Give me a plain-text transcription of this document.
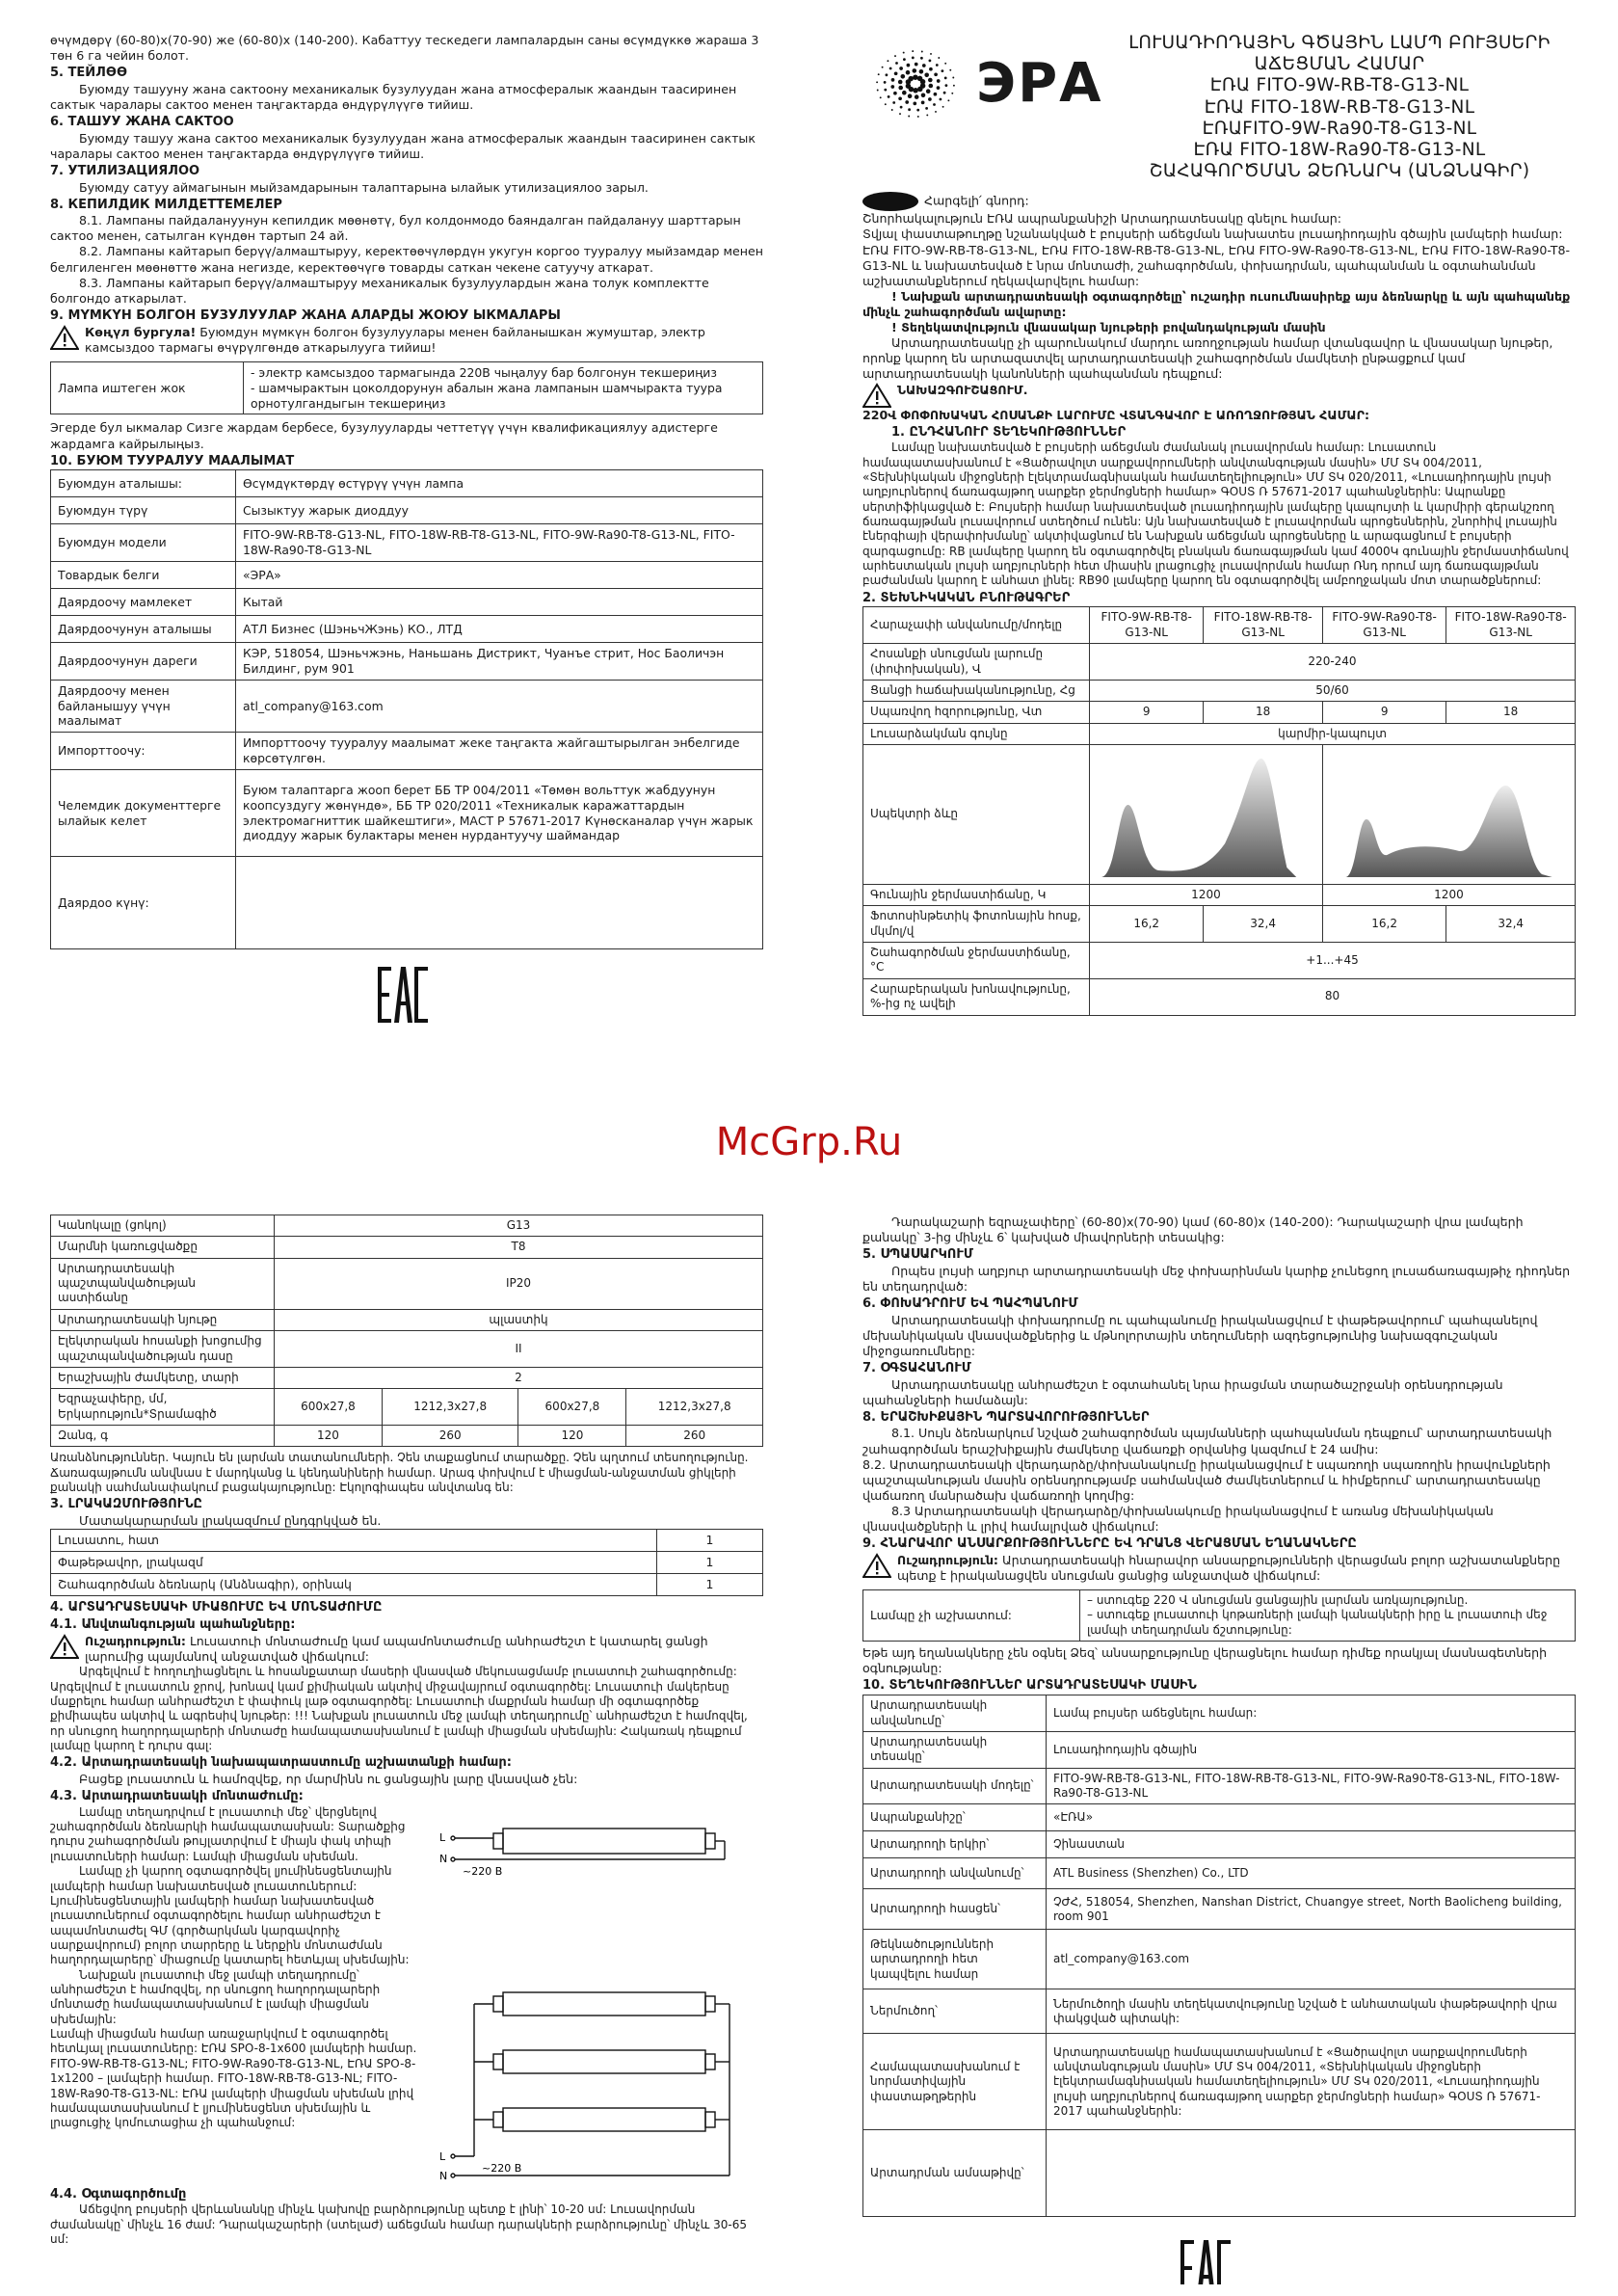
өчүмдөрү (60-80)х(70-90) же (60-80)х (140-200). Кабаттуу тескедеги лампалардын саны өсүмдүккө жараша 3 төн 6 га чейин болот.

5. ТЕЙЛӨӨ

Буюмду ташууну жана сактоону механикалык бузулуудан жана атмосфералык жаандын таасиринен сактык чаралары сактоо менен таңгактарда өндүрүлүүгө тийиш.

6. ТАШУУ ЖАНА САКТОО

Буюмду ташуу жана сактоо механикалык бузулуудан жана атмосфералык жаандын таасиринен сактык чаралары сактоо менен таңгактарда өндүрүлүүгө тийиш.

7. УТИЛИЗАЦИЯЛОО

Буюмду сатуу аймагынын мыйзамдарынын талаптарына ылайык утилизациялоо зарыл.

8. КЕПИЛДИК МИЛДЕТТЕМЕЛЕР

8.1. Лампаны пайдалануунун кепилдик мөөнөтү, бул колдонмодо баяндалган пайдалануу шарттарын сактоо менен, сатылган күндөн тартып 24 ай.

8.2. Лампаны кайтарып берүү/алмаштыруу, керектөөчүлөрдүн укугун коргоо тууралуу мыйзамдар менен белгиленген мөөнөттө жана негизде, керектөөчүгө товарды саткан чекене сатуучу аткарат.

8.3. Лампаны кайтарып берүү/алмаштыруу механикалык бузулуулардын жана толук комплектте болгондо аткарылат.

9. МҮМКҮН БОЛГОН БУЗУЛУУЛАР ЖАНА АЛАРДЫ ЖОЮУ ЫКМАЛАРЫ

Көңүл бургула! Буюмдун мүмкүн болгон бузулуулары менен байланышкан жумуштар, электр камсыздоо тармагы өчүрүлгөндө аткарылууга тийиш!

Лампа иштеген жок	
- электр камсыздоо тармагында 220В чыңалуу бар болгонун текшериңиз
- шамчырактын цоколдорунун абалын жана лампанын шамчыракта туура орнотулгандыгын текшериңиз

Эгерде бул ыкмалар Сизге жардам бербесе, бузулууларды четтетүү үчүн квалификациялуу адистерге жардамга кайрылыңыз.

10. БУЮМ ТУУРАЛУУ МААЛЫМАТ
Буюмдун аталышы:	Өсүмдүктөрдү өстүрүү үчүн лампа
Буюмдун түрү	Сызыктуу жарык диоддуу
Буюмдун модели	FITO-9W-RB-T8-G13-NL, FITO-18W-RB-T8-G13-NL, FITO-9W-Ra90-T8-G13-NL, FITO-18W-Ra90-T8-G13-NL
Товардык белги	«ЭРА»
Даярдоочу мамлекет	Кытай
Даярдоочунун аталышы	АТЛ Бизнес (ШэньчЖэнь) КО., ЛТД
Даярдоочунун дареги	КЭР, 518054, Шэньчжэнь, Наньшань Дистрикт, Чуанъе стрит, Нос Баоличэн Билдинг, рум 901
Даярдоочу менен байланышуу үчүн маалымат	atl_company@163.com
Импорттоочу:	Импорттоочу тууралуу маалымат жеке таңгакта жайгаштырылган энбелгиде көрсөтүлгөн.
Челемдик документтерге ылайык келет	Буюм талаптарга жооп берет ББ ТР 004/2011 «Төмөн вольттук жабдуунун коопсуздугу жөнүндө», ББ ТР 020/2011 «Техникалык каражаттардын электромагниттик шайкештиги», МАСТ Р 57671-2017 Күнөсканалар үчүн жарык диоддуу жарык булактары менен нурдантуучу шаймандар
Даярдоо күнү:	
ЭРА
ԼՈՒՍԱԴԻՈԴԱՅԻՆ ԳԾԱՅԻՆ ԼԱՄՊ ԲՈՒՅՍԵՐԻ
ԱՃԵՑՄԱՆ ՀԱՄԱՐ
ԷՌԱ FITO-9W-RB-T8-G13-NL
ԷՌԱ FITO-18W-RB-T8-G13-NL
ԷՌԱFITO-9W-Ra90-T8-G13-NL
ԷՌԱ FITO-18W-Ra90-T8-G13-NL
ՇԱՀԱԳՈՐԾՄԱՆ ՁԵՌՆԱՐԿ (ԱՆՁՆԱԳԻՐ)

Հարգելի՛ գնորդ:

Շնորհակալություն ԷՌԱ ապրանքանիշի Արտադրատեսակը գնելու համար:

Տվյալ փաստաթուղթը նշանակված է բույսերի աճեցման նախատես լուսադիոդային գծային լամպերի համար: ԷՌԱ FITO-9W-RB-T8-G13-NL, ԷՌԱ FITO-18W-RB-T8-G13-NL, ԷՌԱ FITO-9W-Ra90-T8-G13-NL, ԷՌԱ FITO-18W-Ra90-T8-G13-NL և նախատեսված է նրա մոնտաժի, շահագործման, փոխադրման, պահպանման և օգտահանման աշխատանքներում ղեկավարվելու համար:

! Նախքան արտադրատեսակի օգտագործելը՝ ուշադիր ուսումնասիրեք այս ձեռնարկը և այն պահպանեք մինչև շահագործման ավարտը:

! Տեղեկատվություն վնասակար նյութերի բովանդակության մասին

Արտադրատեսակը չի պարունակում մարդու առողջության համար վտանգավոր և վնասակար նյութեր, որոնք կարող են արտազատվել արտադրատեսակի շահագործման մամկետի ընթացքում կամ արտադրատեսակի կանոնների պահպանման դեպքում:

ՆԱԽԱԶԳՈՒՇԱՑՈՒՄ.

220Վ ՓՈՓՈԽԱԿԱՆ ՀՈՍԱՆՔԻ ԼԱՐՈՒՄԸ ՎՏԱՆԳԱՎՈՐ Է ԱՌՈՂՋՈՒԹՅԱՆ ՀԱՄԱՐ:

1. ԸՆԴՀԱՆՈՒՐ ՏԵՂԵԿՈՒԹՅՈՒՆՆԵՐ

Լամպը նախատեսված է բույսերի աճեցման ժամանակ լուսավորման համար: Լուսատուն համապատասխանում է «Ցածրավոլտ սարքավորումների անվտանգության մասին» ՄՄ ՏԿ 004/2011, «Տեխնիկական միջոցների էլեկտրամագնիսական համատեղելիություն» ՄՄ ՏԿ 020/2011, «Լուսադիոդային լույսի աղբյուրներով ճառագայթող սարքեր ջերմոցների համար» ԳՕՍՏ Ռ 57671-2017 պահանջներին: Ապրանքը սերտիֆիկացված է: Բույսերի համար նախատեսված լուսադիոդային լամպերը կապույտի և կարմիրի գերակշռող ճառագայթման լուսավորում ստեղծում ունեն: Այն նախատեսված է լուսավորման պրոցեսներին, շնորհիվ լուսային էներգիայի վերափոխմանը՝ ակտիվացնում են Նախքան աճեցման պրոցեսները և արագացնում է բույսերի զարգացումը: RB լամպերը կարող են օգտագործվել բնական ճառագայթման կամ 4000Կ գունային ջերմաստիճանով արհեստական լույսի աղբյուրների հետ միասին լրացուցիչ լուսավորման համար Ռնդ որում այդ ճառագայթման բաժանման կարող է անհատ լինել: RB90 լամպերը կարող են օգտագործվել ամբողջական մոտ տարածքներում:

2. ՏԵԽՆԻԿԱԿԱՆ ԲՆՈՒԹԱԳՐԵՐ
Հարաչափի անվանումը/մոդելը	FITO-9W-RB-T8-G13-NL	FITO-18W-RB-T8-G13-NL	FITO-9W-Ra90-T8-G13-NL	FITO-18W-Ra90-T8-G13-NL
Հոսանքի սնուցման լարումը (փոփոխական), Վ	220-240			
Ցանցի հաճախականությունը, Հց	50/60			
Սպառվող հզորությունը, Վտ	9	18	9	18
Լուսարձակման գույնը	կարմիր-կապույտ			
Սպեկտրի ձևը	

Գունային ջերմաստիճանը, Կ	1200		1200	
Ֆոտոսինթետիկ ֆոտոնային հոսք, մկմոլ/վ	16,2	32,4	16,2	32,4
Շահագործման ջերմաստիճանը, °C	+1...+45			
Հարաբերական խոնավությունը, %-ից ոչ ավելի	80			
McGrp.Ru
Կանոկալը (ցոկոլ)	G13			
Մարմնի կառուցվածքը	T8			
Արտադրատեսակի պաշտպանվածության աստիճանը	IP20			
Արտադրատեսակի նյութը	պլաստիկ			
Էլեկտրական հոսանքի խոցումից պաշտպանվածության դասը	II			
Երաշխային ժամկետը, տարի	2			
Եզրաչափերը, մմ, Երկարություն*Տրամագիծ	600x27,8	1212,3x27,8	600x27,8	1212,3x27,8
Զանգ, գ	120	260	120	260

Առանձնություններ. Կայուն են լարման տատանումների. Չեն տաքացնում տարածքը. Չեն պղտում տեսողությունը. Ճառագայթումն անվնաս է մարդկանց և կենդանիների համար. Արագ փոխվում է միացման-անջատման ցիկլերի քանակի սահմանափակում բացակայությունը: Էկոլոգիապես անվտանգ են:

3. ԼՐԱԿԱԶՄՈՒԹՅՈՒՆԸ

Մատակարարման լրակազմում ընդգրկված են.

Լուսատու, հատ	1
Փաթեթավոր, լրակազմ	1
Շահագործման ձեռնարկ (Անձնագիր), օրինակ	1
4. ԱՐՏԱԴՐԱՏԵՍԱԿԻ ՄԻԱՑՈՒՄԸ ԵՎ ՄՈՆՏԱԺՈՒՄԸ
4.1. Անվտանգության պահանջները:

Ուշադրություն: Լուսատուի մոնտաժումը կամ ապամոնտաժումը անհրաժեշտ է կատարել ցանցի լարումից պայմանով անջատված վիճակում:

Արգելվում է հողուղիացնելու և հոսանքատար մասերի վնասված մեկուսացմամբ լուսատուի շահագործումը: Արգելվում է լուսատուն ջրով, խոնավ կամ քիմիական ակտիվ միջավայրում օգտագործել: Լուսատուի մակերեսը մաքրելու համար անհրաժեշտ է փափուկ լաթ օգտագործել: Լուսատուի մաքրման համար մի օգտագործեք քիմիապես ակտիվ և ագրեսիվ նյութեր: !!! Նախքան լուսատուն մեջ լամպի տեղադրումը՝ անհրաժեշտ է համոզվել, որ սնուցող հաղորդալարերի մոնտաժը համապատասխանում է լամպի միացման սխեմային: Հակառակ դեպքում լամպը կարող է դուրս գալ:

4.2. Արտադրատեսակի նախապատրաստումը աշխատանքի համար:

Բացեք լուսատուն և համոզվեք, որ մարմինն ու ցանցային լարը վնասված չեն:

4.3. Արտադրատեսակի մոնտաժումը:

Լամպը տեղադրվում է լուսատուի մեջ՝ վերցնելով շահագործման ձեռնարկի համապատասխան: Տարածքից դուրս շահագործման թույլատրվում է միայն փակ տիպի լուսատուների համար: Լամպի միացման սխեման.

Լամպը չի կարող օգտագործվել լյումինեսցենտային լամպերի համար նախատեսված լուսատուներում: Լյումինեսցենտային լամպերի համար նախատեսված լուսատուներում օգտագործելու համար անհրաժեշտ է ապամոնտաժել ԳՄ (գործարկման կարգավորիչ սարքավորում) բոլոր տարրերը և ներքին մոնտաժման հաղորդալարերը՝ միացումը կատարել հետևյալ սխեմային:

Նախքան լուսատուի մեջ լամպի տեղադրումը՝ անհրաժեշտ է համոզվել, որ սնուցող հաղորդալարերի մոնտաժը համապատասխանում է լամպի միացման սխեմային:

Լամպի միացման համար առաջարկվում է օգտագործել հետևյալ լուսատուները: ԷՌԱ SPO-8-1х600 լամպերի համար. FITO-9W-RB-T8-G13-NL; FITO-9W-Ra90-T8-G13-NL, ԷՌԱ SPO-8-1х1200 – լամպերի համար. FITO-18W-RB-T8-G13-NL; FITO-18W-Ra90-T8-G13-NL: ԷՌԱ լամպերի միացման սխեման լրիվ համապատասխանում է լյումինեսցենտ սխեմային և լրացուցիչ կոմուտացիա չի պահանջում:

L
N
~220 В
L
N
~220 B
4.4. Օգտագործումը

Աճեցվող բույսերի վերևանանկը մինչև կախովը բարձրությունը պետք է լինի՝ 10-20 սմ: Լուսավորման ժամանակը՝ մինչև 16 ժամ: Դարակաշարերի (ստելաժ) աճեցման համար դարակների բարձրությունը՝ մինչև 30-65 սմ:

Դարակաշարի եզրաչափերը՝ (60-80)x(70-90) կամ (60-80)x (140-200): Դարակաշարի վրա լամպերի քանակը՝ 3-ից մինչև 6՝ կախված միավորների տեսակից:

5. ՍՊԱՍԱՐԿՈՒՄ

Որպես լույսի աղբյուր արտադրատեսակի մեջ փոխարինման կարիք չունեցող լուսաճառագայթիչ դիոդներ են տեղադրված:

6. ՓՈԽԱԴՐՈՒՄ ԵՎ ՊԱՀՊԱՆՈՒՄ

Արտադրատեսակի փոխադրումը ու պահպանումը իրականացվում է փաթեթավորում՝ պահպանելով մեխանիկական վնասվածքներից և մթնոլորտային տեղումների ազդեցությունից նախազգուշական միջոցառումները:

7. ՕԳՏԱՀԱՆՈՒՄ

Արտադրատեսակը անհրաժեշտ է օգտահանել նրա իրացման տարածաշրջանի օրենսդրության պահանջների համաձայն:

8. ԵՐԱՇԽԻՔԱՅԻՆ ՊԱՐՏԱՎՈՐՈՒԹՅՈՒՆՆԵՐ

8.1. Սույն ձեռնարկում նշված շահագործման պայմանների պահպանման դեպքում՝ արտադրատեսակի շահագործման երաշխիքային ժամկետը վաճառքի օրվանից կազմում է 24 ամիս:

8.2. Արտադրատեսակի վերադարձը/փոխանակումը իրականացվում է սպառողի սպառողին իրավունքների պաշտպանության մասին օրենսդրությամբ սահմանված ժամկետներում և հիմքերում՝ արտադրատեսակը վաճառող մանրածախ վաճառողի կողմից:

8.3 Արտադրատեսակի վերադարձը/փոխանակումը իրականացվում է առանց մեխանիկական վնասվածքների և լրիվ համալրված վիճակում:

9. ՀՆԱՐԱՎՈՐ ԱՆՍԱՐՔՈՒԹՅՈՒՆՆԵՐԸ ԵՎ ԴՐԱՆՑ ՎԵՐԱՑՄԱՆ ԵՂԱՆԱԿՆԵՐԸ

Ուշադրություն: Արտադրատեսակի հնարավոր անսարքությունների վերացման բոլոր աշխատանքները պետք է իրականացվեն սնուցման ցանցից անջատված վիճակում:

Լամպը չի աշխատում:	
– ստուգեք 220 Վ սնուցման ցանցային լարման առկայությունը.
– ստուգեք լուսատուի կոթառների լամպի կանակների իրը և լուսատուի մեջ լամպի տեղադրման ճշտությունը:

Եթե այդ եղանակները չեն օգնել Ձեզ՝ անսարքությունը վերացնելու համար դիմեք որակյալ մասնագետների օգնությանը:

10. ՏԵՂԵԿՈՒԹՅՈՒՆՆԵՐ ԱՐՏԱԴՐԱՏԵՍԱԿԻ ՄԱՍԻՆ
Արտադրատեսակի անվանումը՝	Լամպ բույսեր աճեցնելու համար:
Արտադրատեսակի տեսակը՝	Լուսադիոդային գծային
Արտադրատեսակի մոդելը՝	FITO-9W-RB-T8-G13-NL, FITO-18W-RB-T8-G13-NL, FITO-9W-Ra90-T8-G13-NL, FITO-18W-Ra90-T8-G13-NL
Ապրանքանիշը՝	«ԷՌԱ»
Արտադրողի երկիր՝	Չինաստան
Արտադրողի անվանումը՝	ATL Business (Shenzhen) Co., LTD
Արտադրողի հասցեն՝	ՉԺՀ, 518054, Shenzhen, Nanshan District, Chuangye street, North Baolicheng building, room 901
Թեկնածությունների արտադրողի հետ կապվելու համար	atl_company@163.com
Ներմուծող՝	Ներմուծողի մասին տեղեկատվությունը նշված է անհատական փաթեթավորի վրա փակցված պիտակի:
Համապատասխանում է նորմատիվային փաստաթղթերին	Արտադրատեսակը համապատասխանում է «Ցածրավոլտ սարքավորումների անվտանգության մասին» ՄՄ ՏԿ 004/2011, «Տեխնիկական միջոցների էլեկտրամագնիսական համատեղելիություն» ՄՄ ՏԿ 020/2011, «Լուսադիոդային լույսի աղբյուրներով ճառագայթող սարքեր ջերմոցների համար» ԳՕՍՏ Ռ 57671-2017 պահանջներին:
Արտադրման ամսաթիվը՝	
